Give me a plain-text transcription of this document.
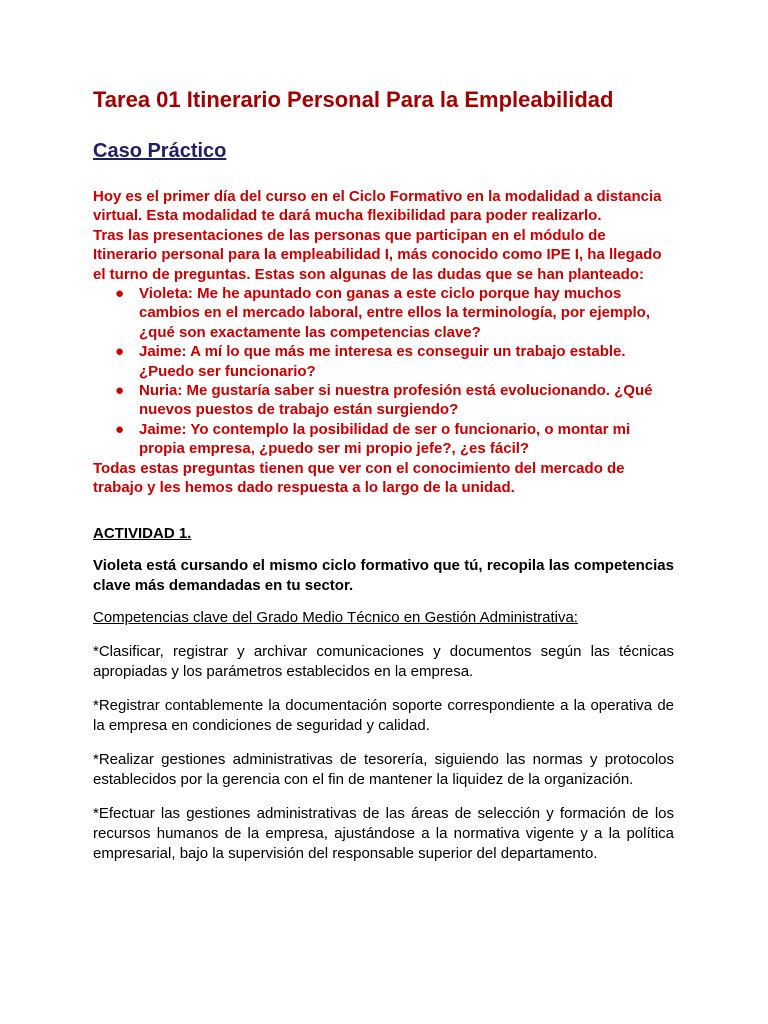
Tarea 01 Itinerario Personal Para la Empleabilidad
Caso Práctico

Hoy es el primer día del curso en el Ciclo Formativo en la modalidad a distancia virtual. Esta modalidad te dará mucha flexibilidad para poder realizarlo.

Tras las presentaciones de las personas que participan en el módulo de Itinerario personal para la empleabilidad I, más conocido como IPE I, ha llegado el turno de preguntas. Estas son algunas de las dudas que se han planteado:

● Violeta: Me he apuntado con ganas a este ciclo porque hay muchos cambios en el mercado laboral, entre ellos la terminología, por ejemplo, ¿qué son exactamente las competencias clave?
● Jaime: A mí lo que más me interesa es conseguir un trabajo estable. ¿Puedo ser funcionario?
● Nuria: Me gustaría saber si nuestra profesión está evolucionando. ¿Qué nuevos puestos de trabajo están surgiendo?
● Jaime: Yo contemplo la posibilidad de ser o funcionario, o montar mi propia empresa, ¿puedo ser mi propio jefe?, ¿es fácil?

Todas estas preguntas tienen que ver con el conocimiento del mercado de trabajo y les hemos dado respuesta a lo largo de la unidad.

ACTIVIDAD 1.
Violeta está cursando el mismo ciclo formativo que tú, recopila las competencias clave más demandadas en tu sector.
Competencias clave del Grado Medio Técnico en Gestión Administrativa:

*Clasificar, registrar y archivar comunicaciones y documentos según las técnicas apropiadas y los parámetros establecidos en la empresa.

*Registrar contablemente la documentación soporte correspondiente a la operativa de la empresa en condiciones de seguridad y calidad.

*Realizar gestiones administrativas de tesorería, siguiendo las normas y protocolos establecidos por la gerencia con el fin de mantener la liquidez de la organización.

*Efectuar las gestiones administrativas de las áreas de selección y formación de los recursos humanos de la empresa, ajustándose a la normativa vigente y a la política empresarial, bajo la supervisión del responsable superior del departamento.
